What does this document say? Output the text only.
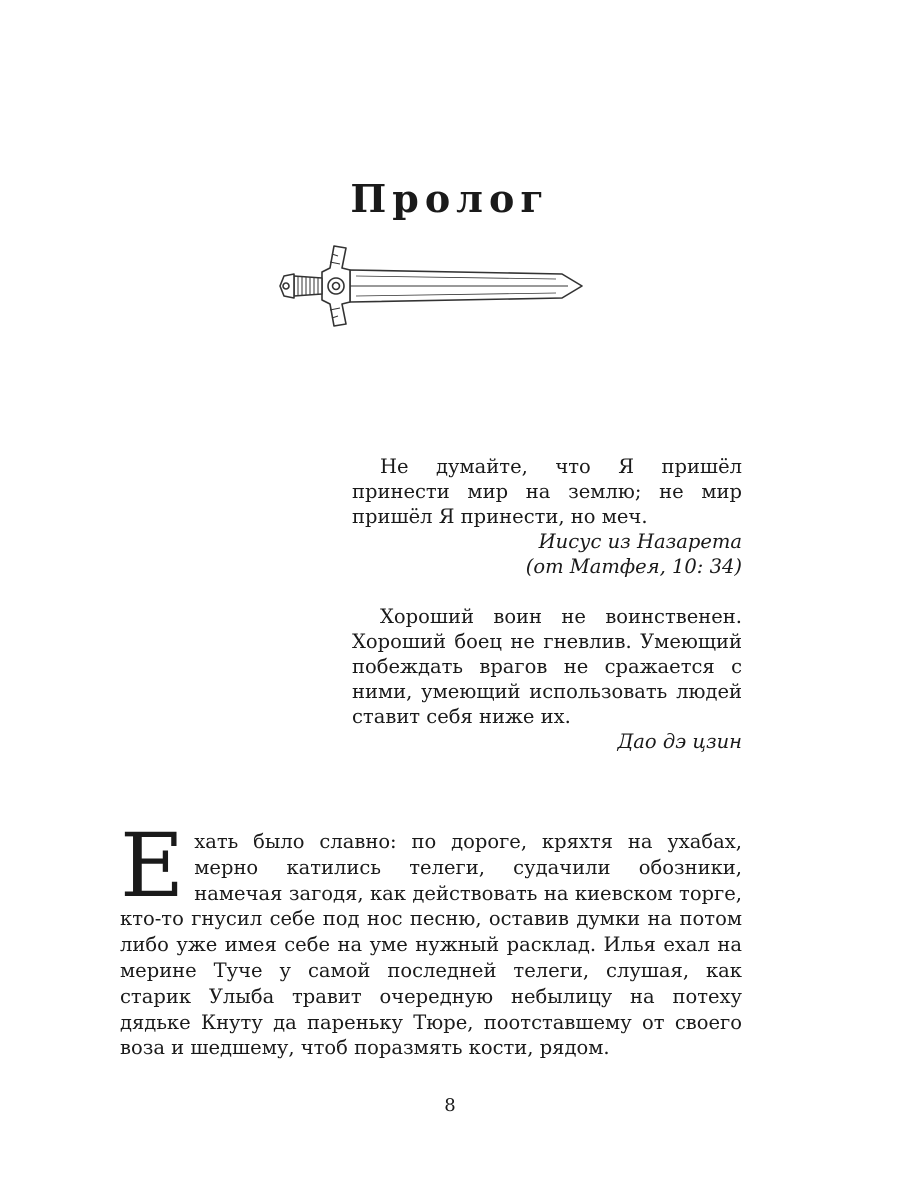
Пролог

Не думайте, что Я пришёл принести мир на землю; не мир пришёл Я принести, но меч.

Иисус из Назарета

(от Матфея, 10: 34)

Хороший воин не воинственен. Хороший боец не гневлив. Умеющий побеждать врагов не сражается с ними, умеющий использовать людей ставит себя ниже их.

Дао дэ цзин

Ехать было славно: по дороге, кряхтя на ухабах, мерно катились телеги, судачили обозники, намечая загодя, как действовать на киевском торге, кто-то гнусил себе под нос песню, оставив думки на потом либо уже имея себе на уме нужный расклад. Илья ехал на мерине Туче у самой последней телеги, слушая, как старик Улыба травит очередную небылицу на потеху дядьке Кнуту да пареньку Тюре, поотставшему от своего воза и шедшему, чтоб поразмять кости, рядом.
8
